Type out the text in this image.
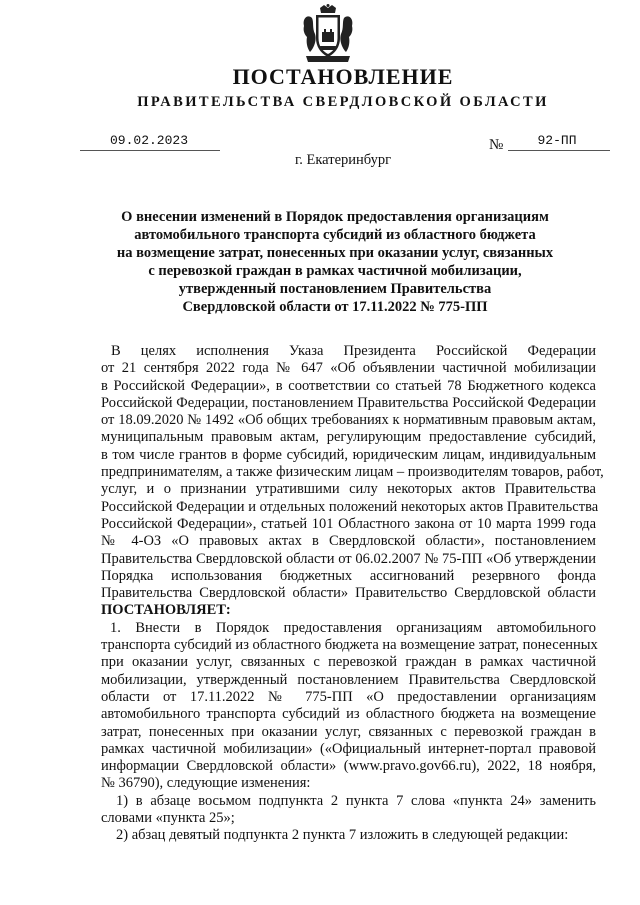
ПОСТАНОВЛЕНИЕ
ПРАВИТЕЛЬСТВА СВЕРДЛОВСКОЙ ОБЛАСТИ
09.02.2023	№	92-ПП
г. Екатеринбург
О внесении изменений в Порядок предоставления организациям
автомобильного транспорта субсидий из областного бюджета
на возмещение затрат, понесенных при оказании услуг, связанных
с перевозкой граждан в рамках частичной мобилизации,
утвержденный постановлением Правительства
Свердловской области от 17.11.2022 № 775-ПП
В целях исполнения Указа Президента Российской Федерации
от 21 сентября 2022 года № 647 «Об объявлении частичной мобилизации
в Российской Федерации», в соответствии со статьей 78 Бюджетного кодекса
Российской Федерации, постановлением Правительства Российской Федерации
от 18.09.2020 № 1492 «Об общих требованиях к нормативным правовым актам,
муниципальным правовым актам, регулирующим предоставление субсидий,
в том числе грантов в форме субсидий, юридическим лицам, индивидуальным
предпринимателям, а также физическим лицам – производителям товаров, работ,
услуг, и о признании утратившими силу некоторых актов Правительства
Российской Федерации и отдельных положений некоторых актов Правительства
Российской Федерации», статьей 101 Областного закона от 10 марта 1999 года
№ 4-ОЗ «О правовых актах в Свердловской области», постановлением
Правительства Свердловской области от 06.02.2007 № 75-ПП «Об утверждении
Порядка использования бюджетных ассигнований резервного фонда
Правительства Свердловской области» Правительство Свердловской области
ПОСТАНОВЛЯЕТ:
1. Внести в Порядок предоставления организациям автомобильного
транспорта субсидий из областного бюджета на возмещение затрат, понесенных
при оказании услуг, связанных с перевозкой граждан в рамках частичной
мобилизации, утвержденный постановлением Правительства Свердловской
области от 17.11.2022 № 775-ПП «О предоставлении организациям
автомобильного транспорта субсидий из областного бюджета на возмещение
затрат, понесенных при оказании услуг, связанных с перевозкой граждан в
рамках частичной мобилизации» («Официальный интернет-портал правовой
информации Свердловской области» (www.pravo.gov66.ru), 2022, 18 ноября,
№ 36790), следующие изменения:
1) в абзаце восьмом подпункта 2 пункта 7 слова «пункта 24» заменить
словами «пункта 25»;
2) абзац девятый подпункта 2 пункта 7 изложить в следующей редакции:
